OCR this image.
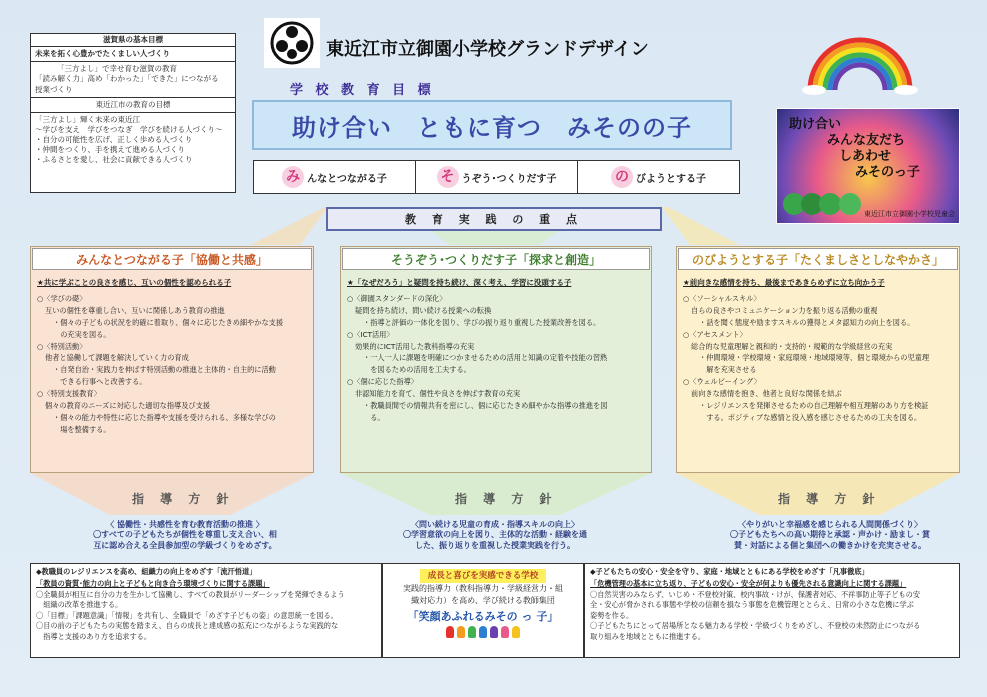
滋賀県の基本目標
未来を拓く心豊かでたくましい人づくり
「三方よし」で幸せ育む滋賀の教育
「読み解く力」高め「わかった」「できた」につながる
授業づくり
東近江市の教育の目標
「三方よし」輝く未来の東近江
～学びを支え　学びをつなぎ　学びを続ける人づくり～
・自分の可能性を広げ、正しく歩める人づくり
・仲間をつくり、手を携えて進める人づくり
・ふるさとを愛し、社会に貢献できる人づくり
東近江市立御園小学校グランドデザイン
学 校 教 育 目 標
助け合い　ともに育つ　みそのの子
み んなとつながる子	そ うぞう･つくりだす子	の びようとする子
助け合い
みんな友だち
しあわせ
みそのっ子
東近江市立御園小学校児童会
教 育 実 践 の 重 点
みんなとつながる子「協働と共感」
★共に学ぶことの良さを感じ、互いの個性を認められる子
○〈学びの礎〉
互いの個性を尊重し合い、互いに関係しあう教育の推進
・個々の子どもの状況を的確に着取り、個々に応じたきめ細やかな支援
　の充実を図る。
○〈特別活動〉
他者と協働して課題を解決していく力の育成
・自発自治・実践力を伸ばす特別活動の推進と主体的・自主的に活動
　できる行事へと改善する。
○〈特別支援教育〉
個々の教育のニーズに対応した適切な指導及び支援
・個々の能力や特性に応じた指導や支援を受けられる、多様な学びの
　場を整備する。
そうぞう･つくりだす子「探求と創造」
★「なぜだろう」と疑問を持ち続け、深く考え、学習に没頭する子
○〈御園スタンダードの深化〉
疑問を持ち続け、問い続ける授業への転換
・指導と評価の一体化を図り、学びの振り返り重視した授業改善を図る。
○〈ICT活用〉
効果的にICT活用した教科指導の充実
・一人一人に課題を明確につかませるための活用と知識の定着や技能の習熟
　を図るための活用を工夫する。
○〈個に応じた指導〉
非認知能力を育て、個性や良さを伸ばす教育の充実
・教職員間での情報共有を密にし、個に応じたきめ細やかな指導の推進を図
　る。
のびようとする子「たくましさとしなやかさ」
★前向きな感情を持ち、最後まであきらめずに立ち向かう子
○〈ソーシャルスキル〉
自らの良さやコミュニケーション力を振り返る活動の重視
・話を聞く態度や励ますスキルの獲得とメタ認知力の向上を図る。
○〈アセスメント〉
総合的な児童理解と親和的・支持的・規範的な学級経営の充実
・仲間環境・学校環境・家庭環境・地域環境等、個と環境からの児童理
　解を充実させる
○〈ウェルビーイング〉
前向きな感情を抱き、他者と良好な関係を結ぶ
・レジリエンスを発揮させるための自己理解や相互理解のあり方を検証
　する。ポジティブな感情と没入感を感じさせるための工夫を図る。
指 導 方 針	指 導 方 針	指 導 方 針
〈 協働性・共感性を育む教育活動の推進 〉
〇すべての子どもたちが個性を尊重し支え合い、相
互に認め合える全員参加型の学級づくりをめざす。
〈問い続ける児童の育成・指導スキルの向上〉
〇学習意欲の向上を図り、主体的な活動・経験を通
した、振り返りを重視した授業実践を行う。
〈やりがいと幸福感を感じられる人間関係づくり〉
〇子どもたちへの高い期待と承認・声かけ・励まし・賞
賛・対話による個と集団への働きかけを充実させる。
◆教職員のレジリエンスを高め、組織力の向上をめざす「流汗悟道」
「教員の資質･能力の向上と子どもと向き合う環境づくりに関する課題」
〇全職員が相互に自分の力を生かして協働し、すべての教員がリーダーシップを発揮できるよう
　組織の改革を推進する。
〇「目標」「課題意識」「情報」を共有し、全職員で「めざす子どもの姿」の意思統一を図る。
〇目の前の子どもたちの実態を踏まえ、自らの成長と達成感の拡充につながるような実践的な
　指導と支援のあり方を追求する。
成長と喜びを実感できる学校
実践的指導力（教科指導力・学級経営力・組
織対応力）を高め、学び続ける教師集団
「笑顔あふれるみその っ 子」
◆子どもたちの安心・安全を守り、家庭・地域とともにある学校をめざす「凡事徹底」
「危機管理の基本に立ち返り、子どもの安心・安全が何よりも優先される意識向上に関する課題」
〇自然災害のみならず、いじめ・不登校対策、校内事故・けが、保護者対応、不祥事防止等子どもの安
全・安心が脅かされる事態や学校の信頼を損なう事態を危機管理ととらえ、日常の小さな危機に学ぶ
姿勢を作る。
〇子どもたちにとって居場所となる魅力ある学校・学級づくりをめざし、不登校の未然防止につながる
取り組みを地域とともに推進する。
